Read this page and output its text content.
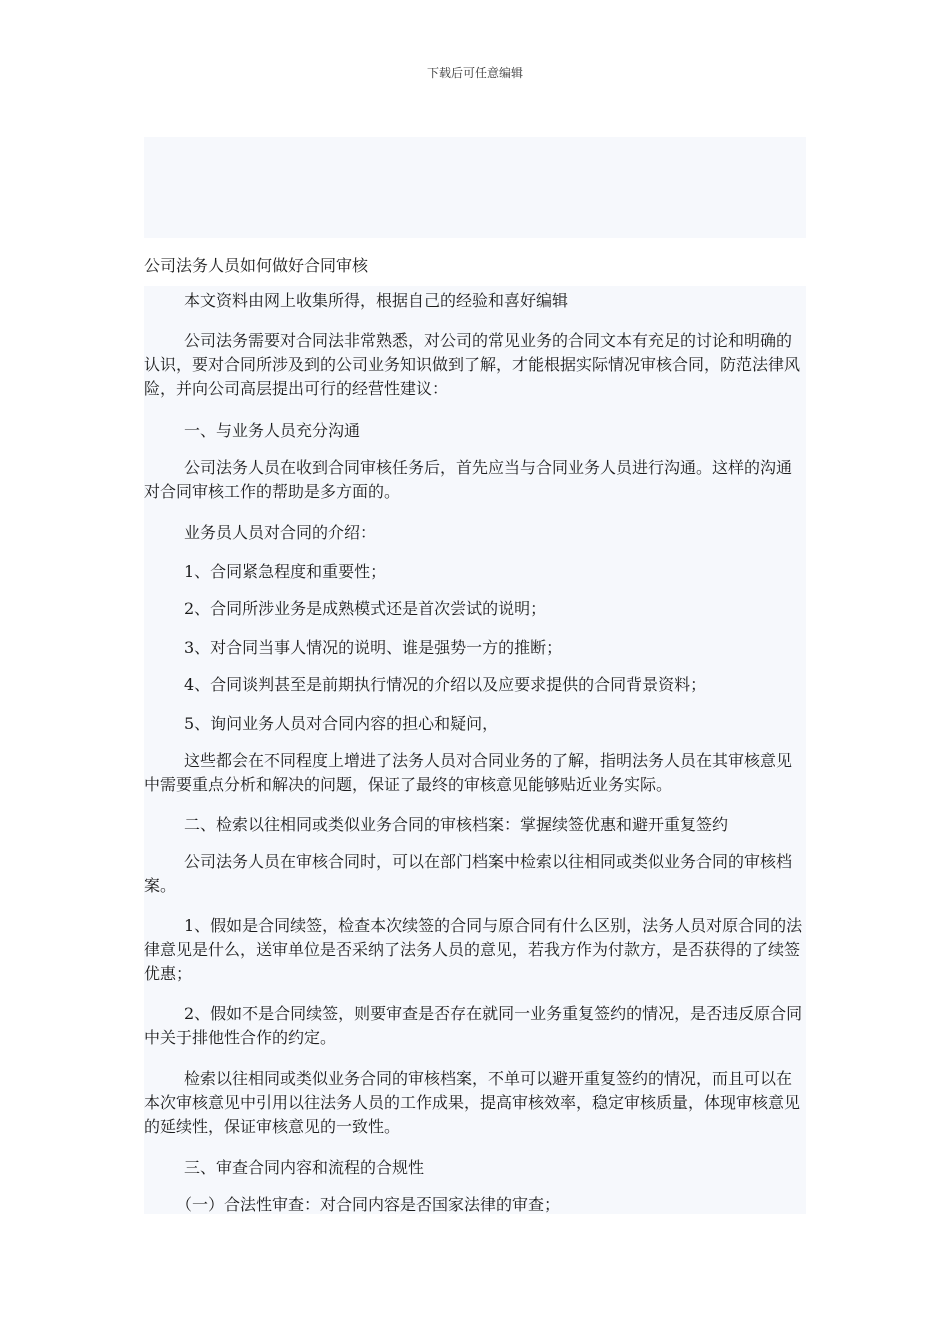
下载后可任意编辑
公司法务人员如何做好合同审核

本文资料由网上收集所得，根据自己的经验和喜好编辑

公司法务需要对合同法非常熟悉，对公司的常见业务的合同文本有充足的讨论和明确的认识，要对合同所涉及到的公司业务知识做到了解，才能根据实际情况审核合同，防范法律风险，并向公司高层提出可行的经营性建议：

一、与业务人员充分沟通

公司法务人员在收到合同审核任务后，首先应当与合同业务人员进行沟通。这样的沟通对合同审核工作的帮助是多方面的。

业务员人员对合同的介绍：

1、合同紧急程度和重要性；

2、合同所涉业务是成熟模式还是首次尝试的说明；

3、对合同当事人情况的说明、谁是强势一方的推断；

4、合同谈判甚至是前期执行情况的介绍以及应要求提供的合同背景资料；

5、询问业务人员对合同内容的担心和疑问，

这些都会在不同程度上增进了法务人员对合同业务的了解，指明法务人员在其审核意见中需要重点分析和解决的问题，保证了最终的审核意见能够贴近业务实际。

二、检索以往相同或类似业务合同的审核档案：掌握续签优惠和避开重复签约

公司法务人员在审核合同时，可以在部门档案中检索以往相同或类似业务合同的审核档案。

1、假如是合同续签，检查本次续签的合同与原合同有什么区别，法务人员对原合同的法律意见是什么，送审单位是否采纳了法务人员的意见，若我方作为付款方，是否获得的了续签优惠；

2、假如不是合同续签，则要审查是否存在就同一业务重复签约的情况，是否违反原合同中关于排他性合作的约定。

检索以往相同或类似业务合同的审核档案，不单可以避开重复签约的情况，而且可以在本次审核意见中引用以往法务人员的工作成果，提高审核效率，稳定审核质量，体现审核意见的延续性，保证审核意见的一致性。

三、审查合同内容和流程的合规性

（一）合法性审查：对合同内容是否国家法律的审查；
